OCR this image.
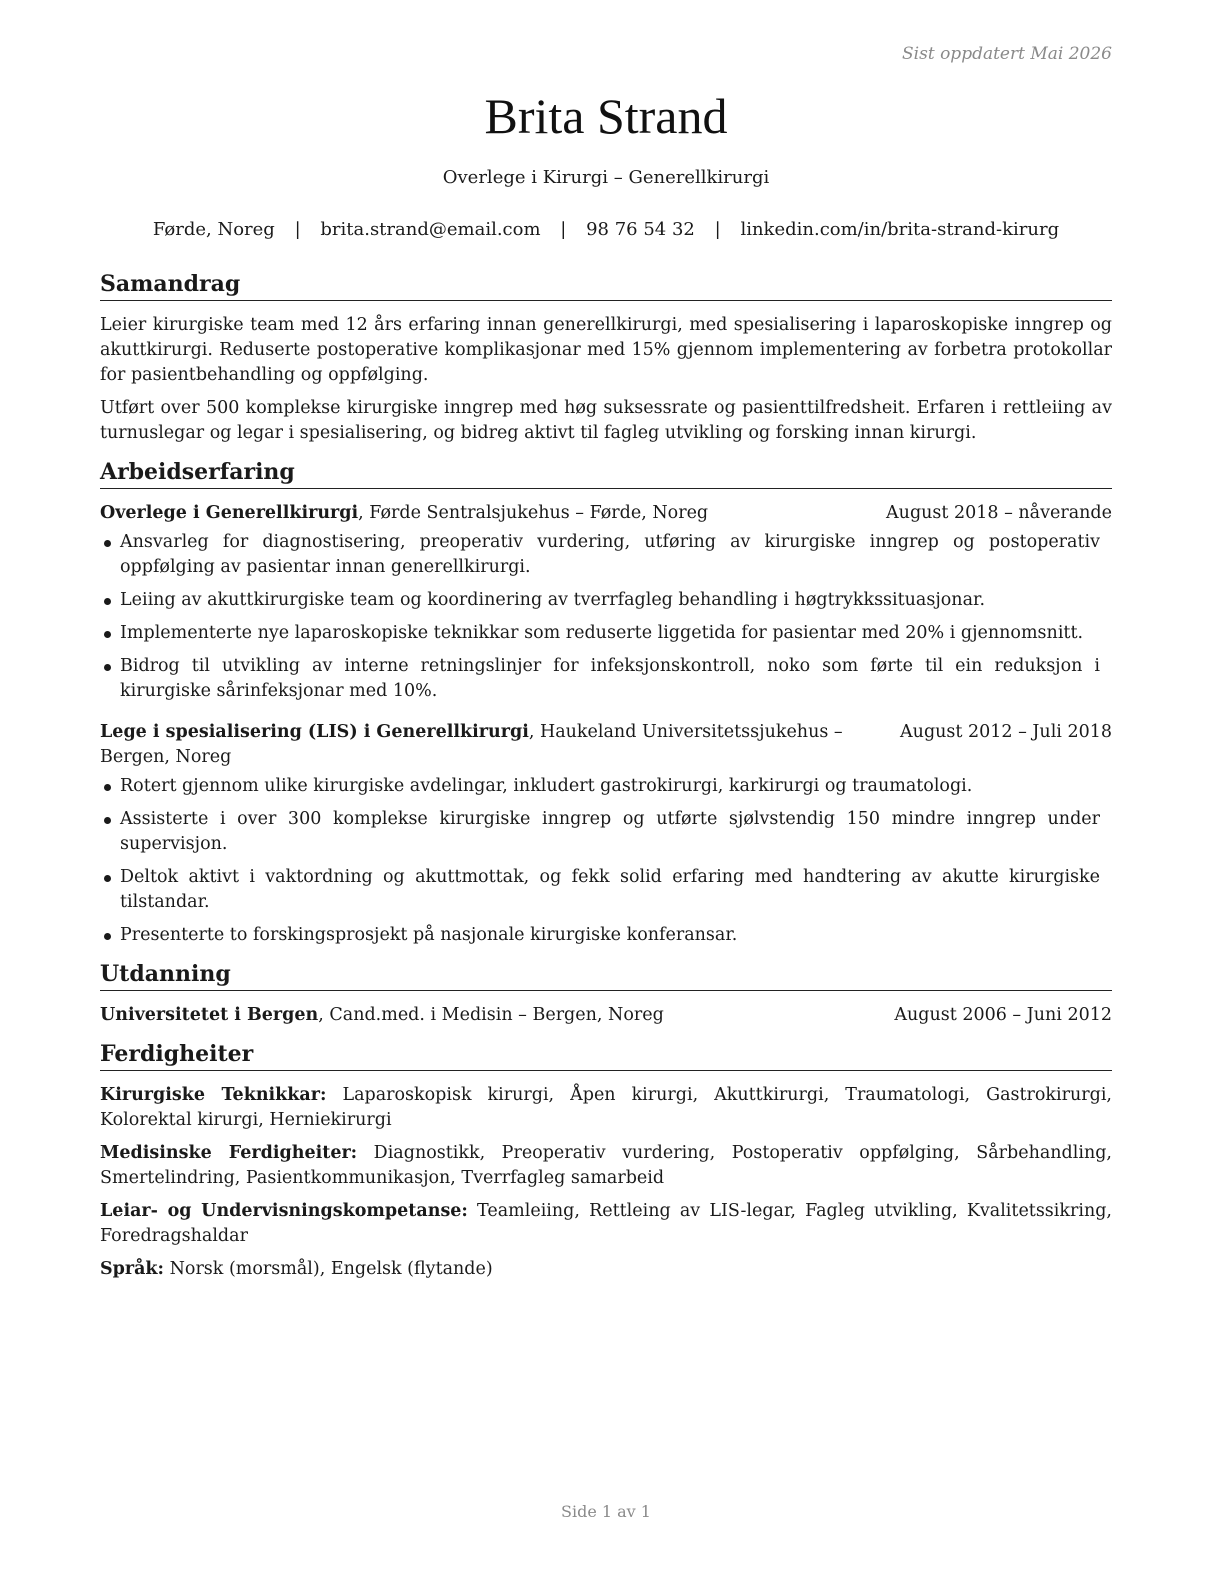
Sist oppdatert Mai 2026
Brita Strand
Overlege i Kirurgi – Generellkirurgi
Førde, Noreg | brita.strand@email.com | 98 76 54 32 | linkedin.com/in/brita-strand-kirurg
Samandrag

Leier kirurgiske team med 12 års erfaring innan generellkirurgi, med spesialisering i laparoskopiske inngrep og akuttkirurgi. Reduserte postoperative komplikasjonar med 15% gjennom implementering av forbetra protokollar for pasientbehandling og oppfølging.

Utført over 500 komplekse kirurgiske inngrep med høg suksessrate og pasienttilfredsheit. Erfaren i rettleiing av turnuslegar og legar i spesialisering, og bidreg aktivt til fagleg utvikling og forsking innan kirurgi.

Arbeidserfaring
Overlege i Generellkirurgi, Førde Sentralsjukehus – Førde, Noreg	August 2018 – nåverande
Ansvarleg for diagnostisering, preoperativ vurdering, utføring av kirurgiske inngrep og postoperativ oppfølging av pasientar innan generellkirurgi.
Leiing av akuttkirurgiske team og koordinering av tverrfagleg behandling i høgtrykkssituasjonar.
Implementerte nye laparoskopiske teknikkar som reduserte liggetida for pasientar med 20% i gjennomsnitt.
Bidrog til utvikling av interne retningslinjer for infeksjonskontroll, noko som førte til ein reduksjon i kirurgiske sårinfeksjonar med 10%.
Lege i spesialisering (LIS) i Generellkirurgi, Haukeland Universitetssjukehus – Bergen, Noreg
August 2012 – Juli 2018
Rotert gjennom ulike kirurgiske avdelingar, inkludert gastrokirurgi, karkirurgi og traumatologi.
Assisterte i over 300 komplekse kirurgiske inngrep og utførte sjølvstendig 150 mindre inngrep under supervisjon.
Deltok aktivt i vaktordning og akuttmottak, og fekk solid erfaring med handtering av akutte kirurgiske tilstandar.
Presenterte to forskingsprosjekt på nasjonale kirurgiske konferansar.
Utdanning
Universitetet i Bergen, Cand.med. i Medisin – Bergen, Noreg	August 2006 – Juni 2012
Ferdigheiter

Kirurgiske Teknikkar: Laparoskopisk kirurgi, Åpen kirurgi, Akuttkirurgi, Traumatologi, Gastrokirurgi, Kolorektal kirurgi, Herniekirurgi

Medisinske Ferdigheiter: Diagnostikk, Preoperativ vurdering, Postoperativ oppfølging, Sårbehandling, Smertelindring, Pasientkommunikasjon, Tverrfagleg samarbeid

Leiar- og Undervisningskompetanse: Teamleiing, Rettleing av LIS-legar, Fagleg utvikling, Kvalitetssikring, Foredragshaldar

Språk: Norsk (morsmål), Engelsk (flytande)

Side 1 av 1
